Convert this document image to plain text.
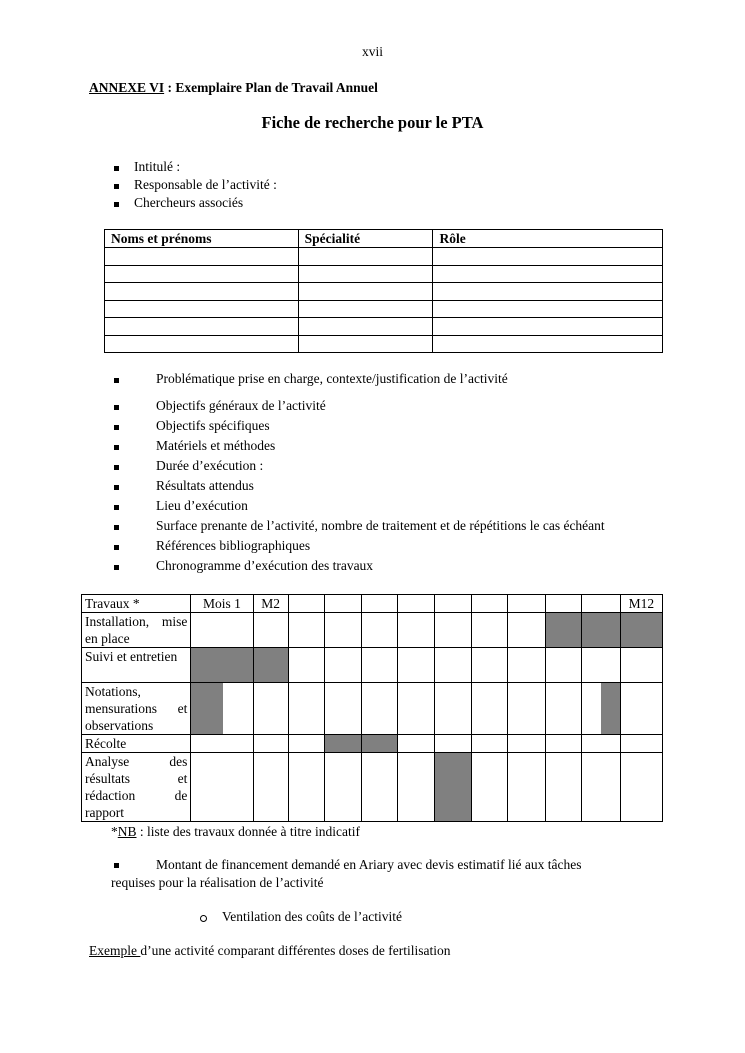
xvii
ANNEXE VI : Exemplaire Plan de Travail Annuel
Fiche de recherche pour le PTA
Intitulé :
Responsable de l’activité :
Chercheurs associés
Noms et prénoms	Spécialité	Rôle

Problématique prise en charge, contexte/justification de l’activité
Objectifs généraux de l’activité
Objectifs spécifiques
Matériels et méthodes
Durée d’exécution :
Résultats attendus
Lieu d’exécution
Surface prenante de l’activité, nombre de traitement et de répétitions le cas échéant
Références bibliographiques
Chronogramme d’exécution des travaux
Travaux *	Mois 1	M2										M12
Installation, mise en place												
Suivi et entretien												
Notations, mensurations et observations	

Récolte												
Analyse des résultats et rédaction de rapport												
*NB : liste des travaux donnée à titre indicatif
Montant de financement demandé en Ariary avec devis estimatif lié aux tâches
requises pour la réalisation de l’activité
Ventilation des coûts de l’activité
Exemple d’une activité comparant différentes doses de fertilisation
